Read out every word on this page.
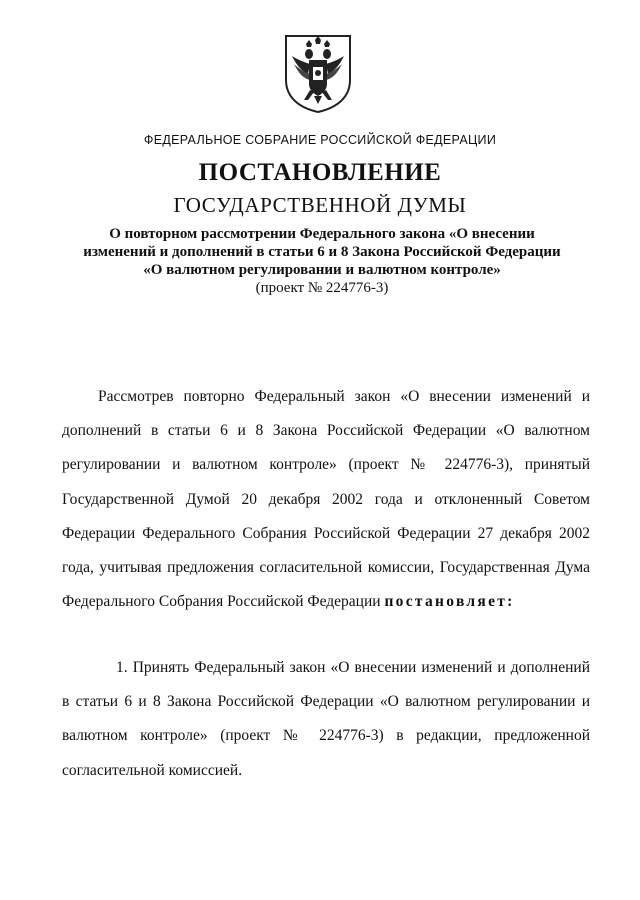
ФЕДЕРАЛЬНОЕ СОБРАНИЕ РОССИЙСКОЙ ФЕДЕРАЦИИ
ПОСТАНОВЛЕНИЕ
ГОСУДАРСТВЕННОЙ ДУМЫ
О повторном рассмотрении Федерального закона «О внесении
изменений и дополнений в статьи 6 и 8 Закона Российской Федерации
«О валютном регулировании и валютном контроле»
(проект № 224776-3)

Рассмотрев повторно Федеральный закон «О внесении изменений и дополнений в статьи 6 и 8 Закона Российской Федерации «О валютном регулировании и валютном контроле» (проект № 224776-3), принятый Государственной Думой 20 декабря 2002 года и отклоненный Советом Федерации Федерального Собрания Российской Федерации 27 декабря 2002 года, учитывая предложения согласительной комиссии, Государственная Дума Федерального Собрания Российской Федерации постановляет:

1. Принять Федеральный закон «О внесении изменений и дополнений в статьи 6 и 8 Закона Российской Федерации «О валютном регулировании и валютном контроле» (проект № 224776-3) в редакции, предложенной согласительной комиссией.
